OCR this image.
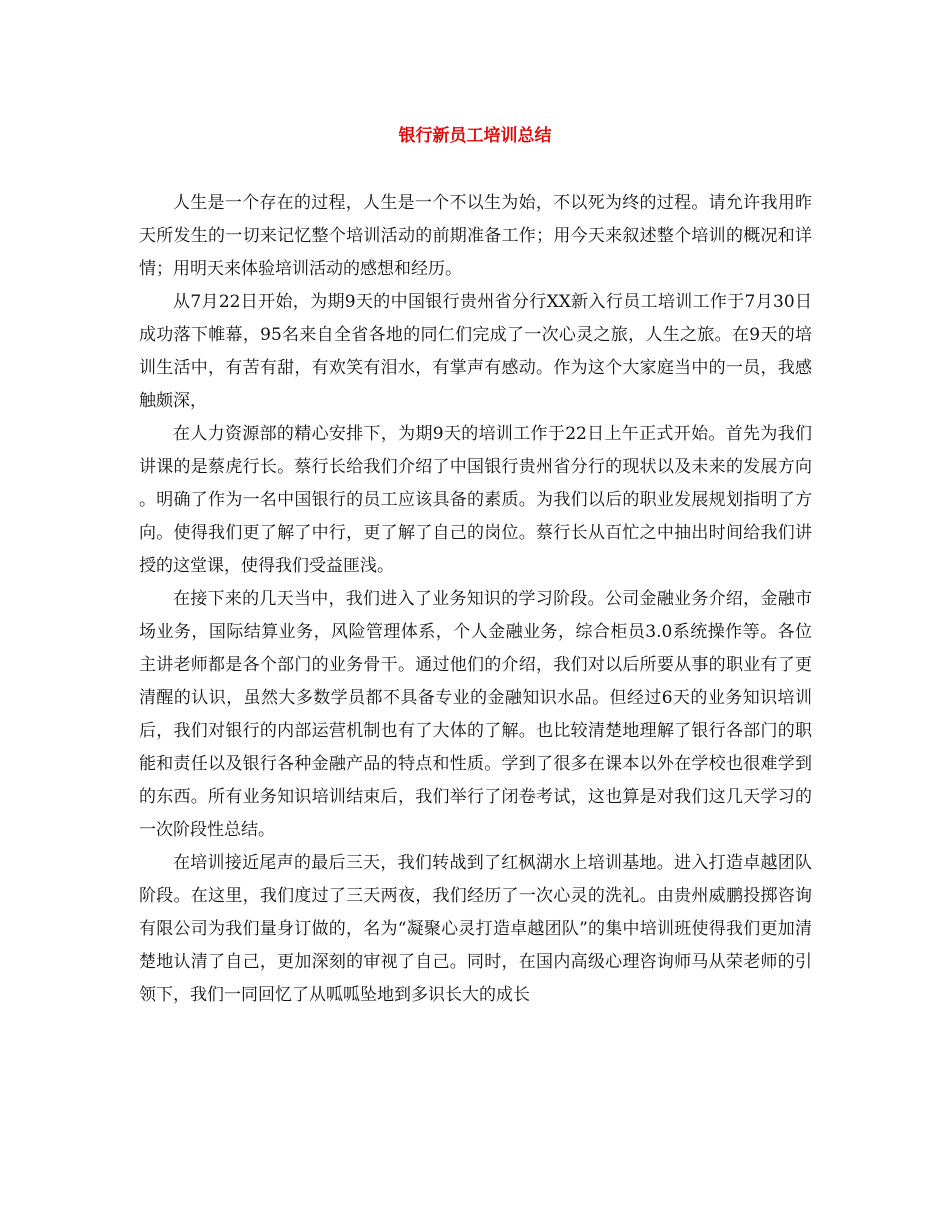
银行新员工培训总结

人生是一个存在的过程，人生是一个不以生为始，不以死为终的过程。请允许我用昨天所发生的一切来记忆整个培训活动的前期准备工作；用今天来叙述整个培训的概况和详情；用明天来体验培训活动的感想和经历。

从7月22日开始，为期9天的中国银行贵州省分行XX新入行员工培训工作于7月30日成功落下帷幕，95名来自全省各地的同仁们完成了一次心灵之旅，人生之旅。在9天的培训生活中，有苦有甜，有欢笑有泪水，有掌声有感动。作为这个大家庭当中的一员，我感触颇深，

在人力资源部的精心安排下，为期9天的培训工作于22日上午正式开始。首先为我们讲课的是蔡虎行长。蔡行长给我们介绍了中国银行贵州省分行的现状以及未来的发展方向。明确了作为一名中国银行的员工应该具备的素质。为我们以后的职业发展规划指明了方向。使得我们更了解了中行，更了解了自己的岗位。蔡行长从百忙之中抽出时间给我们讲授的这堂课，使得我们受益匪浅。

在接下来的几天当中，我们进入了业务知识的学习阶段。公司金融业务介绍，金融市场业务，国际结算业务，风险管理体系，个人金融业务，综合柜员3.0系统操作等。各位主讲老师都是各个部门的业务骨干。通过他们的介绍，我们对以后所要从事的职业有了更清醒的认识，虽然大多数学员都不具备专业的金融知识水品。但经过6天的业务知识培训后，我们对银行的内部运营机制也有了大体的了解。也比较清楚地理解了银行各部门的职能和责任以及银行各种金融产品的特点和性质。学到了很多在课本以外在学校也很难学到的东西。所有业务知识培训结束后，我们举行了闭卷考试，这也算是对我们这几天学习的一次阶段性总结。

在培训接近尾声的最后三天，我们转战到了红枫湖水上培训基地。进入打造卓越团队阶段。在这里，我们度过了三天两夜，我们经历了一次心灵的洗礼。由贵州威鹏投掷咨询有限公司为我们量身订做的，名为“凝聚心灵打造卓越团队”的集中培训班使得我们更加清楚地认清了自己，更加深刻的审视了自己。同时，在国内高级心理咨询师马从荣老师的引领下，我们一同回忆了从呱呱坠地到多识长大的成长
